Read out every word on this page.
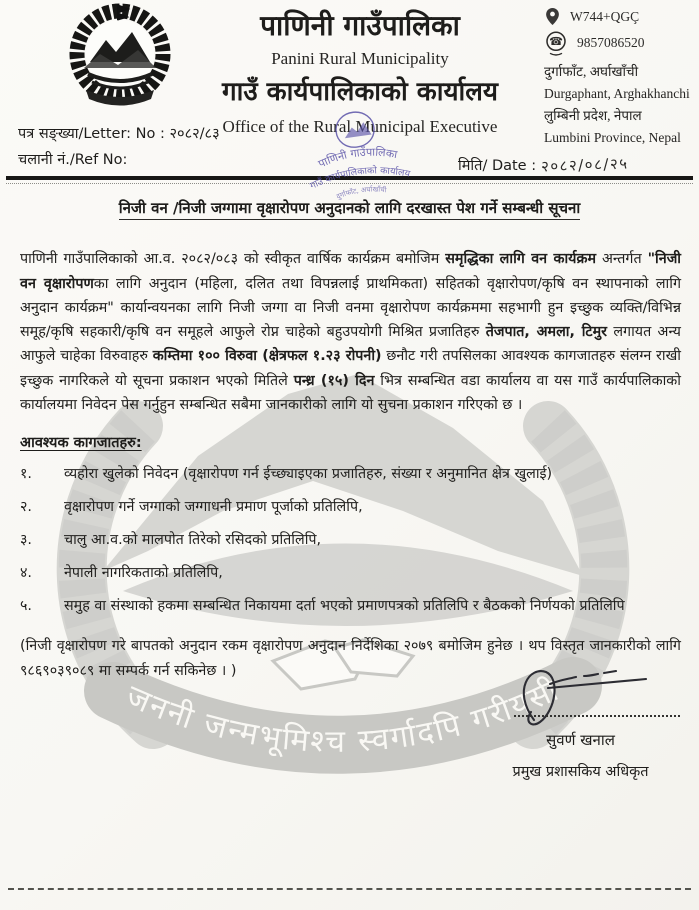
जननी जन्मभूमिश्च स्वर्गादपि गरीयसी
पाणिनी गाउँपालिका
Panini Rural Municipality
गाउँ कार्यपालिकाको कार्यालय
Office of the Rural Municipal Executive
W744+QGÇ
☎ 9857086520
दुर्गाफाँट, अर्घाखाँची
Durgaphant, Arghakhanchi
लुम्बिनी प्रदेश, नेपाल
Lumbini Province, Nepal
पत्र सङ्ख्या/Letter: No : २०८२/८३
चलानी नं./Ref No:	मिति/ Date : २०८२/०८/२५
पाणिनी गाउँपालिका
गाउँ कार्यपालिकाको कार्यालय
दुर्गाफाँट, अर्घाखाँची
निजी वन /निजी जग्गामा वृक्षारोपण अनुदानको लागि दरखास्त पेश गर्ने सम्बन्धी सूचना

पाणिनी गाउँपालिकाको आ.व. २०८२/०८३ को स्वीकृत वार्षिक कार्यक्रम बमोजिम समृद्धिका लागि वन कार्यक्रम अन्तर्गत "निजी वन वृक्षारोपणका लागि अनुदान (महिला, दलित तथा विपन्नलाई प्राथमिकता) सहितको वृक्षारोपण/कृषि वन स्थापनाको लागि अनुदान कार्यक्रम" कार्यान्वयनका लागि निजी जग्गा वा निजी वनमा वृक्षारोपण कार्यक्रममा सहभागी हुन इच्छुक व्यक्ति/विभिन्न समूह/कृषि सहकारी/कृषि वन समूहले आफुले रोप्न चाहेको बहुउपयोगी मिश्रित प्रजातिहरु तेजपात, अमला, टिमुर लगायत अन्य आफुले चाहेका विरुवाहरु कम्तिमा १०० विरुवा (क्षेत्रफल १.२३ रोपनी) छनौट गरी तपसिलका आवश्यक कागजातहरु संलग्न राखी इच्छुक नागरिकले यो सूचना प्रकाशन भएको मितिले पन्ध्र (१५) दिन भित्र सम्बन्धित वडा कार्यालय वा यस गाउँ कार्यपालिकाको कार्यालयमा निवेदन पेस गर्नुहुन सम्बन्धित सबैमा जानकारीको लागि यो सुचना प्रकाशन गरिएको छ ।

आवश्यक कागजातहरु:
१.	व्यहोरा खुलेको निवेदन (वृक्षारोपण गर्न ईच्छ्याइएका प्रजातिहरु, संख्या र अनुमानित क्षेत्र खुलाई)
२.	वृक्षारोपण गर्ने जग्गाको जग्गाधनी प्रमाण पूर्जाको प्रतिलिपि,
३.	चालु आ.व.को मालपोत तिरेको रसिदको प्रतिलिपि,
४.	नेपाली नागरिकताको प्रतिलिपि,
५.	समुह वा संस्थाको हकमा सम्बन्धित निकायमा दर्ता भएको प्रमाणपत्रको प्रतिलिपि र बैठकको निर्णयको प्रतिलिपि

(निजी वृक्षारोपण गरे बापतको अनुदान रकम वृक्षारोपण अनुदान निर्देशिका २०७९ बमोजिम हुनेछ । थप विस्तृत जानकारीको लागि ९८६९०३९०८९ मा सम्पर्क गर्न सकिनेछ । )

सुवर्ण खनाल
प्रमुख प्रशासकिय अधिकृत
